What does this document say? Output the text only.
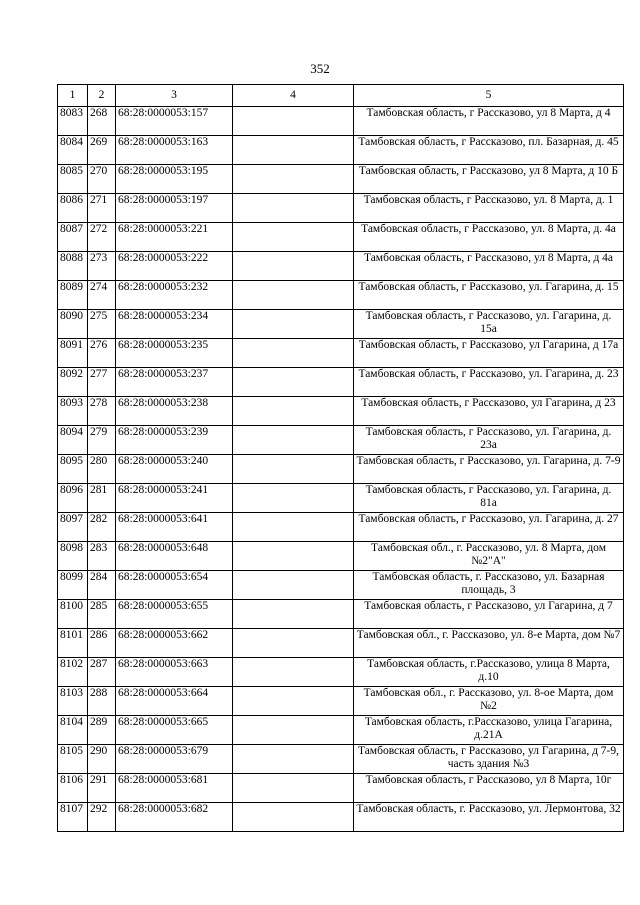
352
1	2	3	4	5
8083	268	68:28:0000053:157		Тамбовская область, г Рассказово, ул 8 Марта, д 4
8084	269	68:28:0000053:163		Тамбовская область, г Рассказово, пл. Базарная, д. 45
8085	270	68:28:0000053:195		Тамбовская область, г Рассказово, ул 8 Марта, д 10 Б
8086	271	68:28:0000053:197		Тамбовская область, г Рассказово, ул. 8 Марта, д. 1
8087	272	68:28:0000053:221		Тамбовская область, г Рассказово, ул. 8 Марта, д. 4а
8088	273	68:28:0000053:222		Тамбовская область, г Рассказово, ул 8 Марта, д 4а
8089	274	68:28:0000053:232		Тамбовская область, г Рассказово, ул. Гагарина, д. 15
8090	275	68:28:0000053:234		Тамбовская область, г Рассказово, ул. Гагарина, д. 15а
8091	276	68:28:0000053:235		Тамбовская область, г Рассказово, ул Гагарина, д 17а
8092	277	68:28:0000053:237		Тамбовская область, г Рассказово, ул. Гагарина, д. 23
8093	278	68:28:0000053:238		Тамбовская область, г Рассказово, ул Гагарина, д 23
8094	279	68:28:0000053:239		Тамбовская область, г Рассказово, ул. Гагарина, д. 23а
8095	280	68:28:0000053:240		Тамбовская область, г Рассказово, ул. Гагарина, д. 7-9
8096	281	68:28:0000053:241		Тамбовская область, г Рассказово, ул. Гагарина, д. 81а
8097	282	68:28:0000053:641		Тамбовская область, г Рассказово, ул. Гагарина, д. 27
8098	283	68:28:0000053:648		Тамбовская обл., г. Рассказово, ул. 8 Марта, дом №2"А"
8099	284	68:28:0000053:654		Тамбовская область, г. Рассказово, ул. Базарная площадь, 3
8100	285	68:28:0000053:655		Тамбовская область, г Рассказово, ул Гагарина, д 7
8101	286	68:28:0000053:662		Тамбовская обл., г. Рассказово, ул. 8-е Марта, дом №7
8102	287	68:28:0000053:663		Тамбовская область, г.Рассказово, улица 8 Марта, д.10
8103	288	68:28:0000053:664		Тамбовская обл., г. Рассказово, ул. 8-ое Марта, дом №2
8104	289	68:28:0000053:665		Тамбовская область, г.Рассказово, улица Гагарина, д.21А
8105	290	68:28:0000053:679		Тамбовская область, г Рассказово, ул Гагарина, д 7-9, часть здания №3
8106	291	68:28:0000053:681		Тамбовская область, г Рассказово, ул 8 Марта, 10г
8107	292	68:28:0000053:682		Тамбовская область, г. Рассказово, ул. Лермонтова, 32
